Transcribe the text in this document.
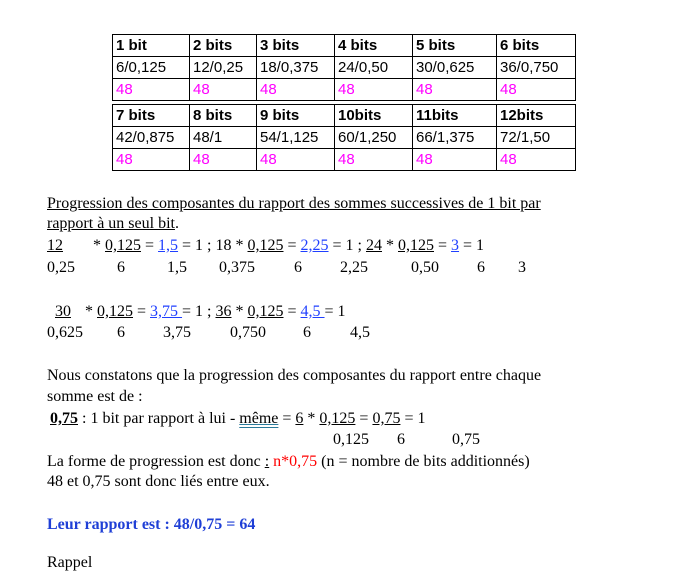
1 bit	2 bits	3 bits	4 bits	5 bits	6 bits
6/0,125	12/0,25	18/0,375	24/0,50	30/0,625	36/0,750
48	48	48	48	48	48
7 bits	8 bits	9 bits	10bits	11bits	12bits
42/0,875	48/1	54/1,125	60/1,250	66/1,375	72/1,50
48	48	48	48	48	48
Progression des composantes du rapport des sommes successives de 1 bit par
rapport à un seul bit.
12 * 0,125 = 1,5 = 1 ; 18 * 0,125 = 2,25 = 1 ; 24 * 0,125 = 3 = 1
0,25	6	1,5 0,375 6 2,25	0,50 6 3
30 * 0,125 = 3,75 = 1 ; 36 * 0,125 = 4,5 = 1
0,625 6 3,75 0,750 6 4,5
Nous constatons que la progression des composantes du rapport entre chaque
somme est de :
0,75 : 1 bit par rapport à lui - même = 6 * 0,125 = 0,75 = 1
0,125 6	0,75
La forme de progression est donc : n*0,75 (n = nombre de bits additionnés)
48 et 0,75 sont donc liés entre eux.
Leur rapport est : 48/0,75 = 64
Rappel
